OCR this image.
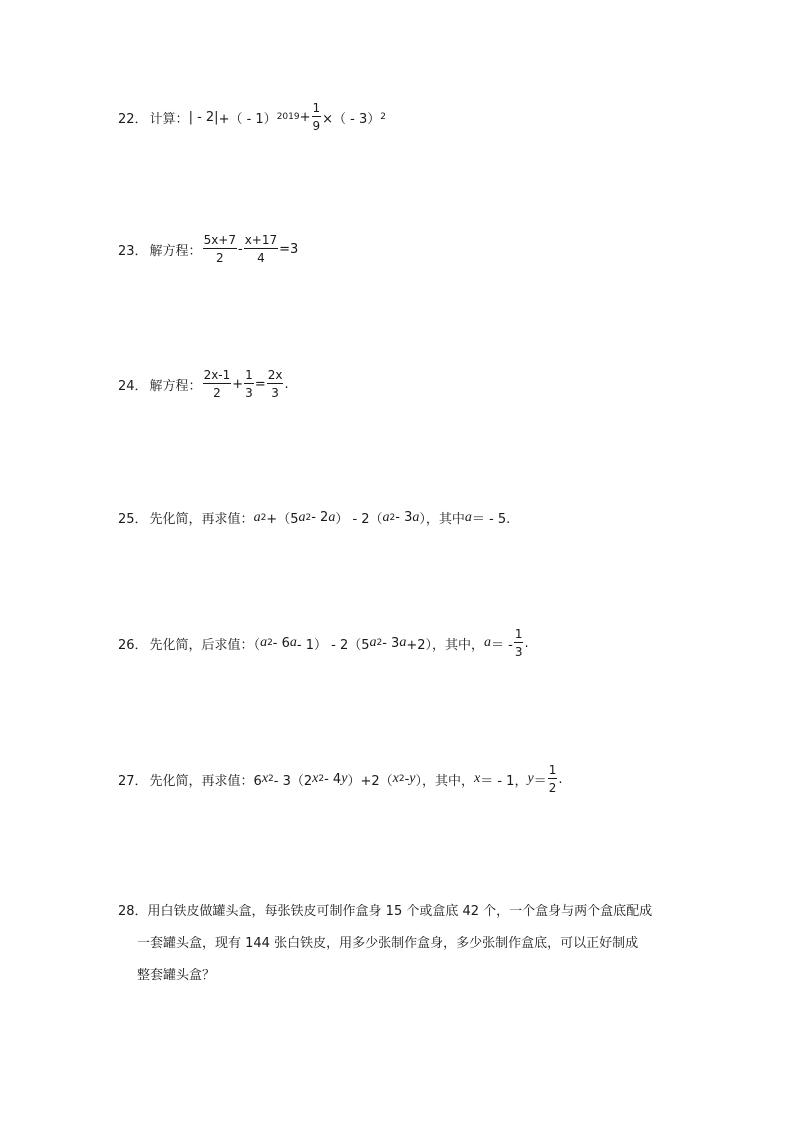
22． 计算： | - 2| +（ - 1） $2019 + \frac{1}{9}$ ×（ - 3） 2
23． 解方程： $\frac{5x+7}{2} - \frac{x+17}{4} =3$
24． 解方程： $\frac{2x-1}{2} + \frac{1}{3} = \frac{2x}{3}$ .
25． 先化简，再求值： a 2 +（5 a 2 - 2 a ） - 2（ a 2 - 3 a ），其中 a ＝ - 5.
26． 先化简，后求值：（ a 2 - 6 a - 1） - 2（5 a 2 - 3 a +2），其中， a ＝ - $\frac{1}{3}$ .
27． 先化简，再求值：6 x 2 - 3（2 x 2 - 4 y ）+2（ x 2 - y ），其中， x ＝ - 1， $y = \frac{1}{2}$ .
28．用白铁皮做罐头盒，每张铁皮可制作盒身 15 个或盒底 42 个，一个盒身与两个盒底配成
一套罐头盒，现有 144 张白铁皮，用多少张制作盒身，多少张制作盒底，可以正好制成
整套罐头盒？
